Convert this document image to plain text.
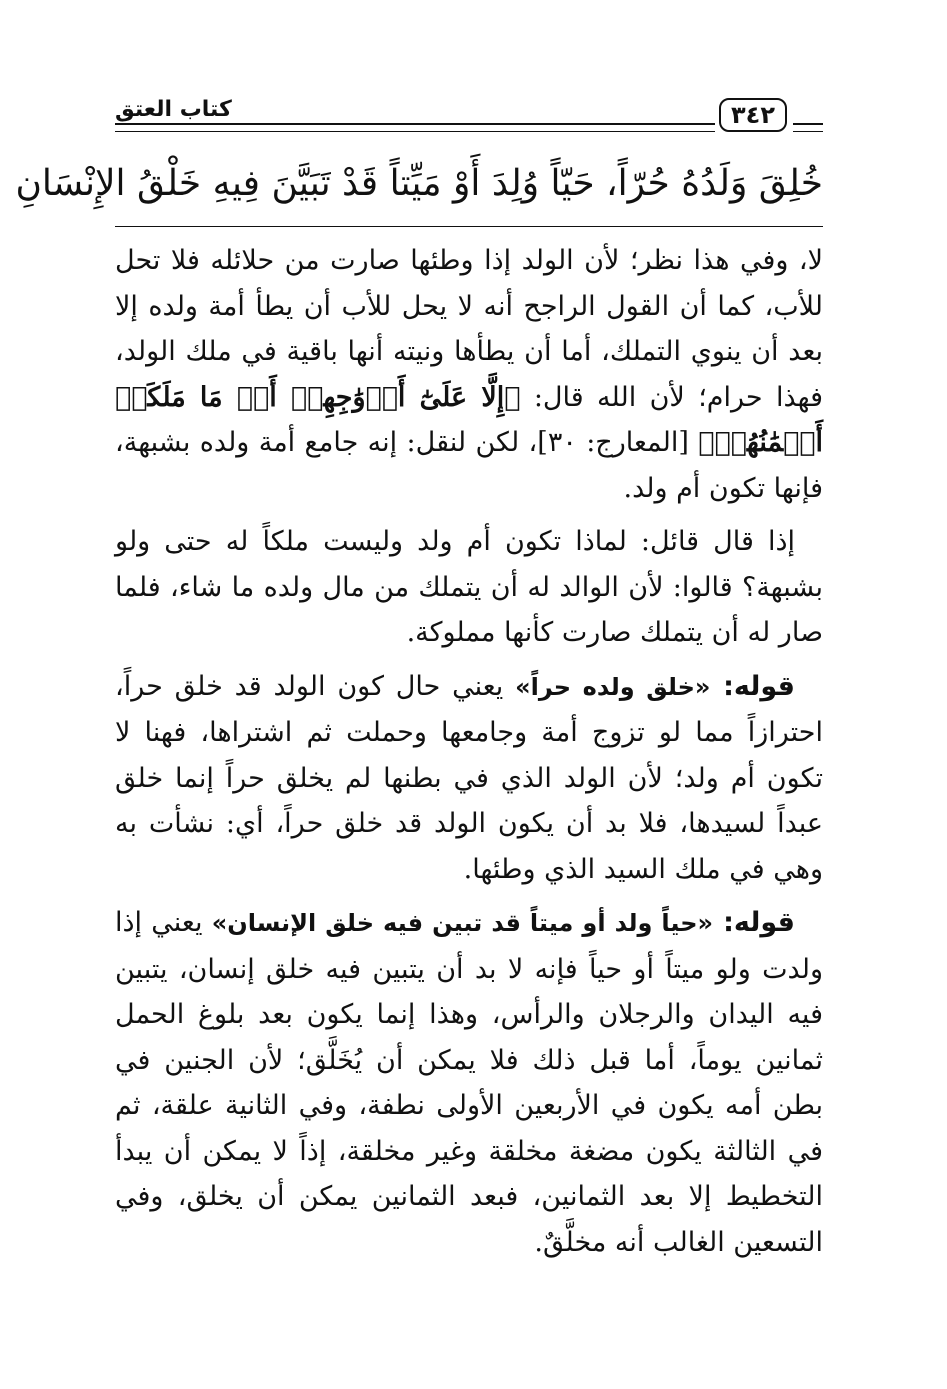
كتاب العتق	٣٤٢
خُلِقَ وَلَدُهُ حُرّاً، حَيّاً وُلِدَ أَوْ مَيِّتاً قَدْ تَبَيَّنَ فِيهِ خَلْقُ الإِنْسَانِ

لا، وفي هذا نظر؛ لأن الولد إذا وطئها صارت من حلائله فلا تحل للأب، كما أن القول الراجح أنه لا يحل للأب أن يطأ أمة ولده إلا بعد أن ينوي التملك، أما أن يطأها ونيته أنها باقية في ملك الولد، فهذا حرام؛ لأن الله قال: ﴿إِلَّا عَلَىٰٓ أَزۡوَٰجِهِمۡ أَوۡ مَا مَلَكَتۡ أَيۡمَٰنُهُمۡ﴾ [المعارج: ٣٠]، لكن لنقل: إنه جامع أمة ولده بشبهة، فإنها تكون أم ولد.

إذا قال قائل: لماذا تكون أم ولد وليست ملكاً له حتى ولو بشبهة؟ قالوا: لأن الوالد له أن يتملك من مال ولده ما شاء، فلما صار له أن يتملك صارت كأنها مملوكة.

قوله: «خلق ولده حراً» يعني حال كون الولد قد خلق حراً، احترازاً مما لو تزوج أمة وجامعها وحملت ثم اشتراها، فهنا لا تكون أم ولد؛ لأن الولد الذي في بطنها لم يخلق حراً إنما خلق عبداً لسيدها، فلا بد أن يكون الولد قد خلق حراً، أي: نشأت به وهي في ملك السيد الذي وطئها.

قوله: «حياً ولد أو ميتاً قد تبين فيه خلق الإنسان» يعني إذا ولدت ولو ميتاً أو حياً فإنه لا بد أن يتبين فيه خلق إنسان، يتبين فيه اليدان والرجلان والرأس، وهذا إنما يكون بعد بلوغ الحمل ثمانين يوماً، أما قبل ذلك فلا يمكن أن يُخَلَّق؛ لأن الجنين في بطن أمه يكون في الأربعين الأولى نطفة، وفي الثانية علقة، ثم في الثالثة يكون مضغة مخلقة وغير مخلقة، إذاً لا يمكن أن يبدأ التخطيط إلا بعد الثمانين، فبعد الثمانين يمكن أن يخلق، وفي التسعين الغالب أنه مخلَّقٌ.
